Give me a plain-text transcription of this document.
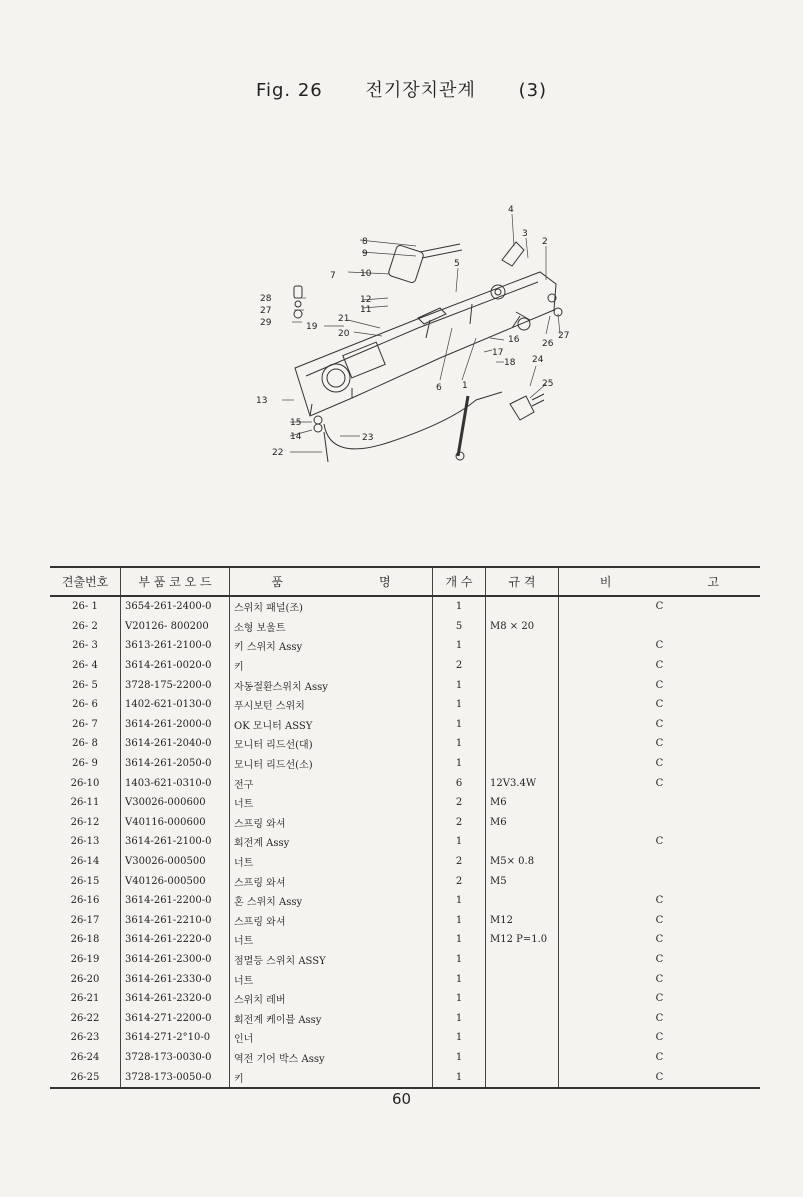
Fig. 26 전기장치관계 (3)
4
3
2
5
8
9
7	10
12
11
28
27
29	19
21
20
16
17
18
6 1
26
27
24
25
13
15
14	23
22
견출번호	부 품 코 오 드	품 명	개 수	규 격	비 고
26- 1	3654-261-2400-0	스위치 패널(조)	1		C
26- 2	V20126- 800200	소형 보울트	5	M8 × 20	
26- 3	3613-261-2100-0	키 스위치 Assy	1		C
26- 4	3614-261-0020-0	키	2		C
26- 5	3728-175-2200-0	자동절환스위치 Assy	1		C
26- 6	1402-621-0130-0	푸시보턴 스위치	1		C
26- 7	3614-261-2000-0	OK 모니터 ASSY	1		C
26- 8	3614-261-2040-0	모니터 리드선(대)	1		C
26- 9	3614-261-2050-0	모니터 리드선(소)	1		C
26-10	1403-621-0310-0	전구	6	12V3.4W	C
26-11	V30026-000600	너트	2	M6	
26-12	V40116-000600	스프링 와셔	2	M6	
26-13	3614-261-2100-0	회전계 Assy	1		C
26-14	V30026-000500	너트	2	M5× 0.8	
26-15	V40126-000500	스프링 와셔	2	M5	
26-16	3614-261-2200-0	혼 스위치 Assy	1		C
26-17	3614-261-2210-0	스프링 와셔	1	M12	C
26-18	3614-261-2220-0	너트	1	M12 P=1.0	C
26-19	3614-261-2300-0	점멸등 스위치 ASSY	1		C
26-20	3614-261-2330-0	너트	1		C
26-21	3614-261-2320-0	스위치 레버	1		C
26-22	3614-271-2200-0	회전계 케이블 Assy	1		C
26-23	3614-271-2°10-0	인너	1		C
26-24	3728-173-0030-0	역전 기어 박스 Assy	1		C
26-25	3728-173-0050-0	키	1		C
60
